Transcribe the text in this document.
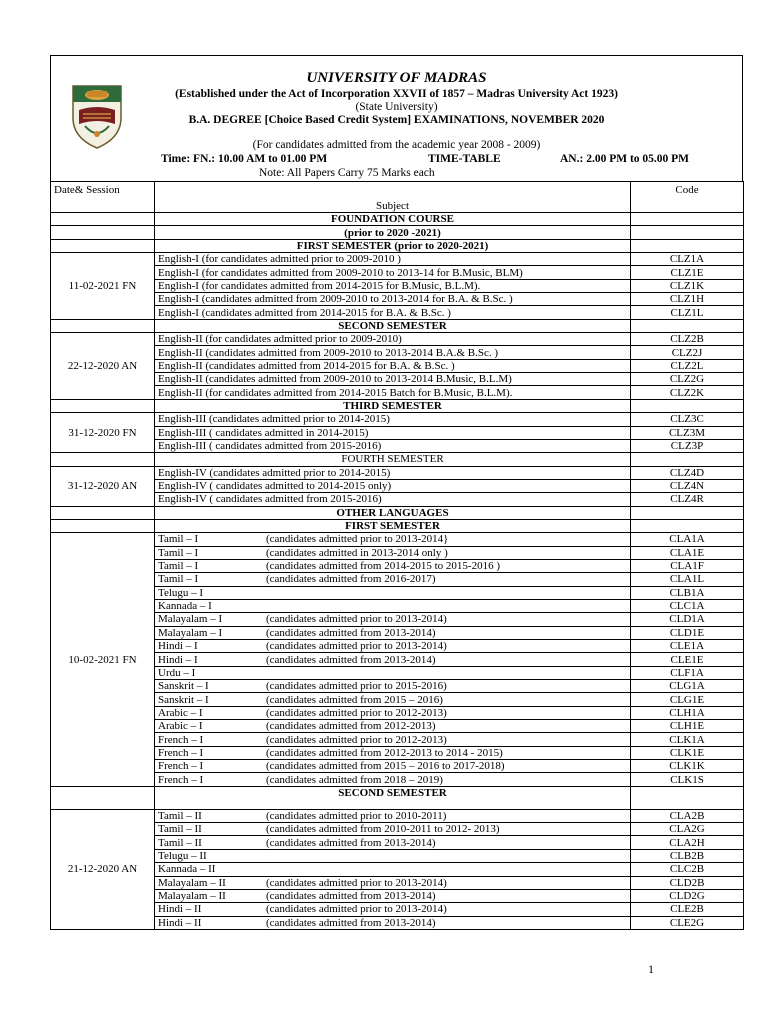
UNIVERSITY OF MADRAS
(Established under the Act of Incorporation XXVII of 1857 – Madras University Act 1923)
(State University)
B.A. DEGREE [Choice Based Credit System] EXAMINATIONS, NOVEMBER 2020
(For candidates admitted from the academic year 2008 - 2009)
Time: FN.: 10.00 AM to 01.00 PM	TIME-TABLE	AN.: 2.00 PM to 05.00 PM
Note: All Papers Carry 75 Marks each
Date& Session	Subject	Code
	FOUNDATION COURSE	
	(prior to 2020 -2021)	
	FIRST SEMESTER (prior to 2020-2021)	
11-02-2021 FN	English-I (for candidates admitted prior to 2009-2010 )	CLZ1A
	English-I (for candidates admitted from 2009-2010 to 2013-14 for B.Music, BLM)	CLZ1E
	English-I (for candidates admitted from 2014-2015 for B.Music, B.L.M).	CLZ1K
	English-I (candidates admitted from 2009-2010 to 2013-2014 for B.A. & B.Sc. )	CLZ1H
	English-I (candidates admitted from 2014-2015 for B.A. & B.Sc. )	CLZ1L
	SECOND SEMESTER	
22-12-2020 AN	English-II (for candidates admitted prior to 2009-2010)	CLZ2B
	English-II (candidates admitted from 2009-2010 to 2013-2014 B.A.& B.Sc. )	CLZ2J
	English-II (candidates admitted from 2014-2015 for B.A. & B.Sc. )	CLZ2L
	English-II (candidates admitted from 2009-2010 to 2013-2014 B.Music, B.L.M)	CLZ2G
	English-II (for candidates admitted from 2014-2015 Batch for B.Music, B.L.M).	CLZ2K
	THIRD SEMESTER	
31-12-2020 FN	English-III (candidates admitted prior to 2014-2015)	CLZ3C
	English-III ( candidates admitted in 2014-2015)	CLZ3M
	English-III ( candidates admitted from 2015-2016)	CLZ3P
	FOURTH SEMESTER	
31-12-2020 AN	English-IV (candidates admitted prior to 2014-2015)	CLZ4D
	English-IV ( candidates admitted to 2014-2015 only)	CLZ4N
	English-IV ( candidates admitted from 2015-2016)	CLZ4R
	OTHER LANGUAGES	
	FIRST SEMESTER	
10-02-2021 FN	Tamil – I (candidates admitted prior to 2013-2014}	CLA1A
	Tamil – I (candidates admitted in 2013-2014 only )	CLA1E
	Tamil – I (candidates admitted from 2014-2015 to 2015-2016 )	CLA1F
	Tamil – I (candidates admitted from 2016-2017)	CLA1L
	Telugu – I	CLB1A
	Kannada – I	CLC1A
	Malayalam – I (candidates admitted prior to 2013-2014)	CLD1A
	Malayalam – I (candidates admitted from 2013-2014)	CLD1E
	Hindi – I (candidates admitted prior to 2013-2014)	CLE1A
	Hindi – I (candidates admitted from 2013-2014)	CLE1E
	Urdu – I	CLF1A
	Sanskrit – I (candidates admitted prior to 2015-2016)	CLG1A
	Sanskrit – I (candidates admitted from 2015 – 2016)	CLG1E
	Arabic – I (candidates admitted prior to 2012-2013)	CLH1A
	Arabic – I (candidates admitted from 2012-2013)	CLH1E
	French – I (candidates admitted prior to 2012-2013)	CLK1A
	French – I (candidates admitted from 2012-2013 to 2014 - 2015)	CLK1E
	French – I (candidates admitted from 2015 – 2016 to 2017-2018)	CLK1K
	French – I (candidates admitted from 2018 – 2019)	CLK1S
	SECOND SEMESTER	
21-12-2020 AN	Tamil – II (candidates admitted prior to 2010-2011)	CLA2B
	Tamil – II (candidates admitted from 2010-2011 to 2012- 2013)	CLA2G
	Tamil – II (candidates admitted from 2013-2014)	CLA2H
	Telugu – II	CLB2B
	Kannada – II	CLC2B
	Malayalam – II (candidates admitted prior to 2013-2014)	CLD2B
	Malayalam – II (candidates admitted from 2013-2014)	CLD2G
	Hindi – II (candidates admitted prior to 2013-2014)	CLE2B
	Hindi – II (candidates admitted from 2013-2014)	CLE2G
1
